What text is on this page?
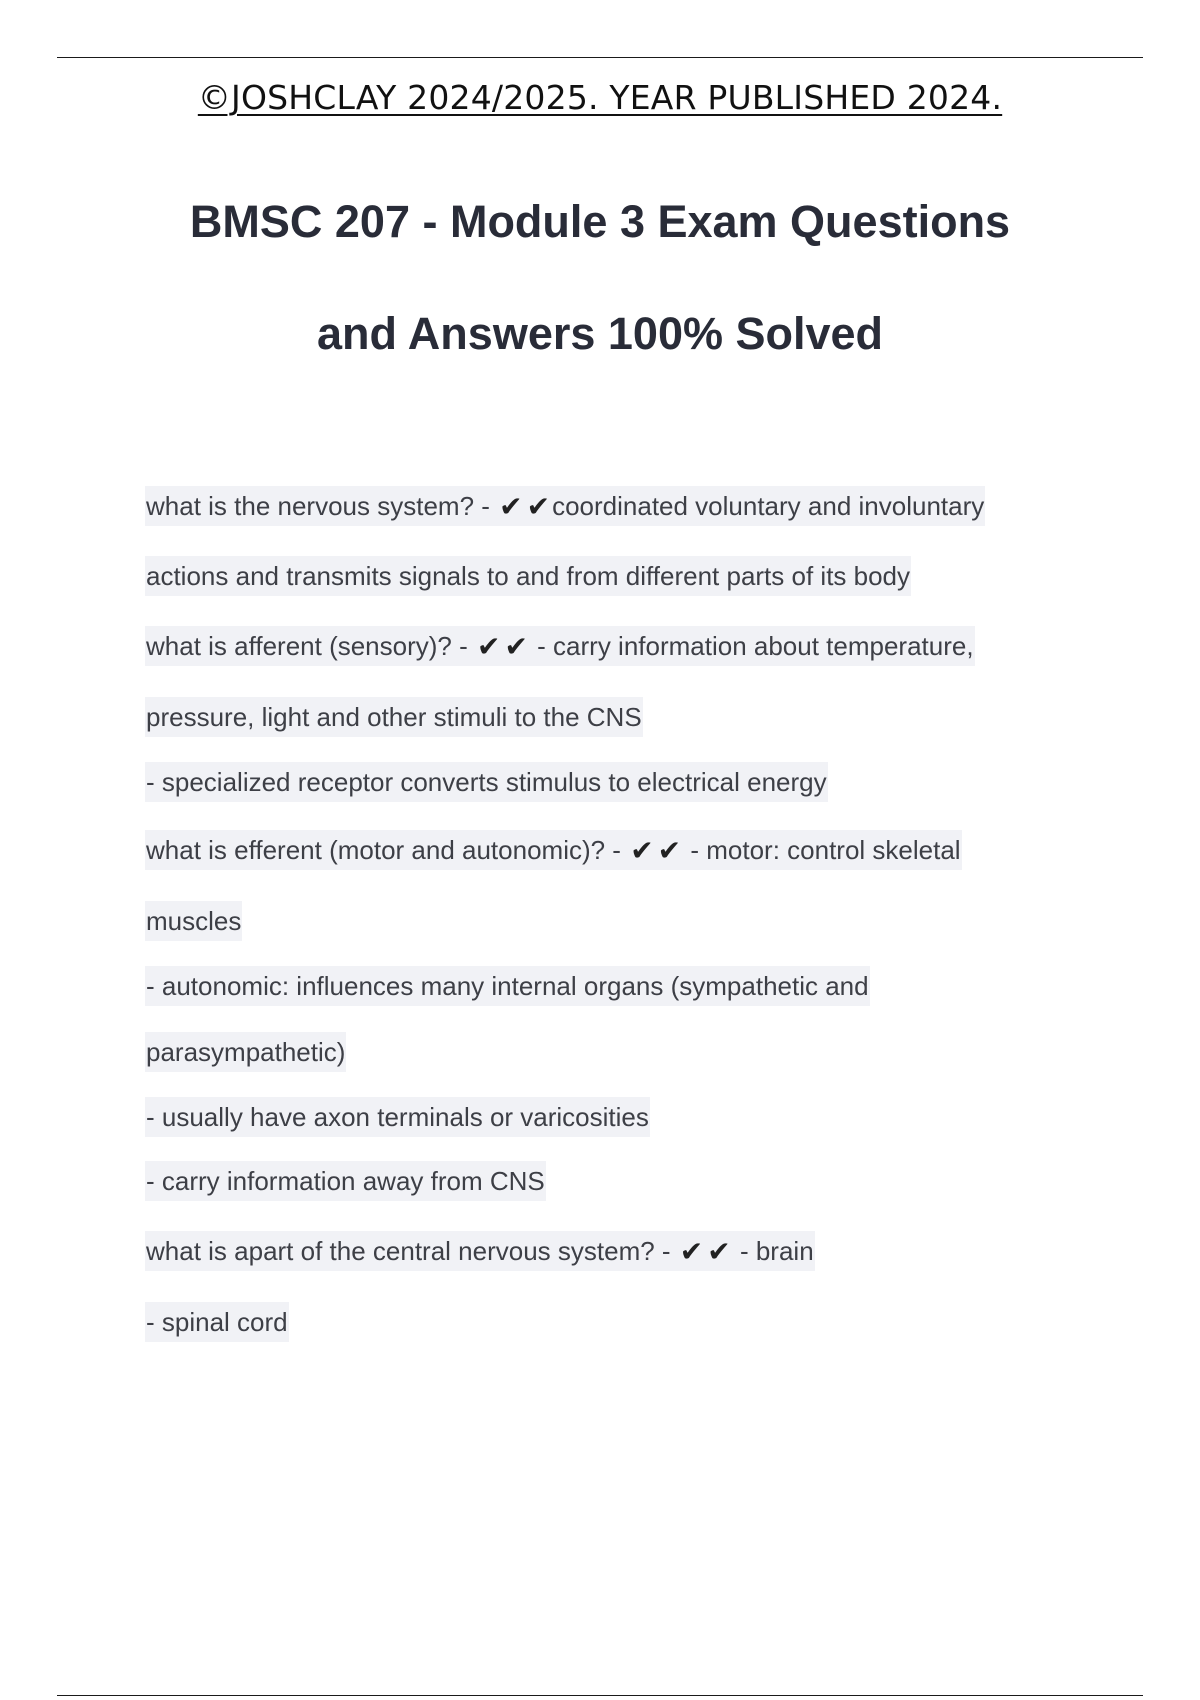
©JOSHCLAY 2024/2025. YEAR PUBLISHED 2024.
BMSC 207 - Module 3 Exam Questions
and Answers 100% Solved
what is the nervous system? - ✔ ✔coordinated voluntary and involuntary
actions and transmits signals to and from different parts of its body
what is afferent (sensory)? - ✔ ✔ - carry information about temperature,
pressure, light and other stimuli to the CNS
- specialized receptor converts stimulus to electrical energy
what is efferent (motor and autonomic)? - ✔ ✔ - motor: control skeletal
muscles
- autonomic: influences many internal organs (sympathetic and
parasympathetic)
- usually have axon terminals or varicosities
- carry information away from CNS
what is apart of the central nervous system? - ✔ ✔ - brain
- spinal cord
